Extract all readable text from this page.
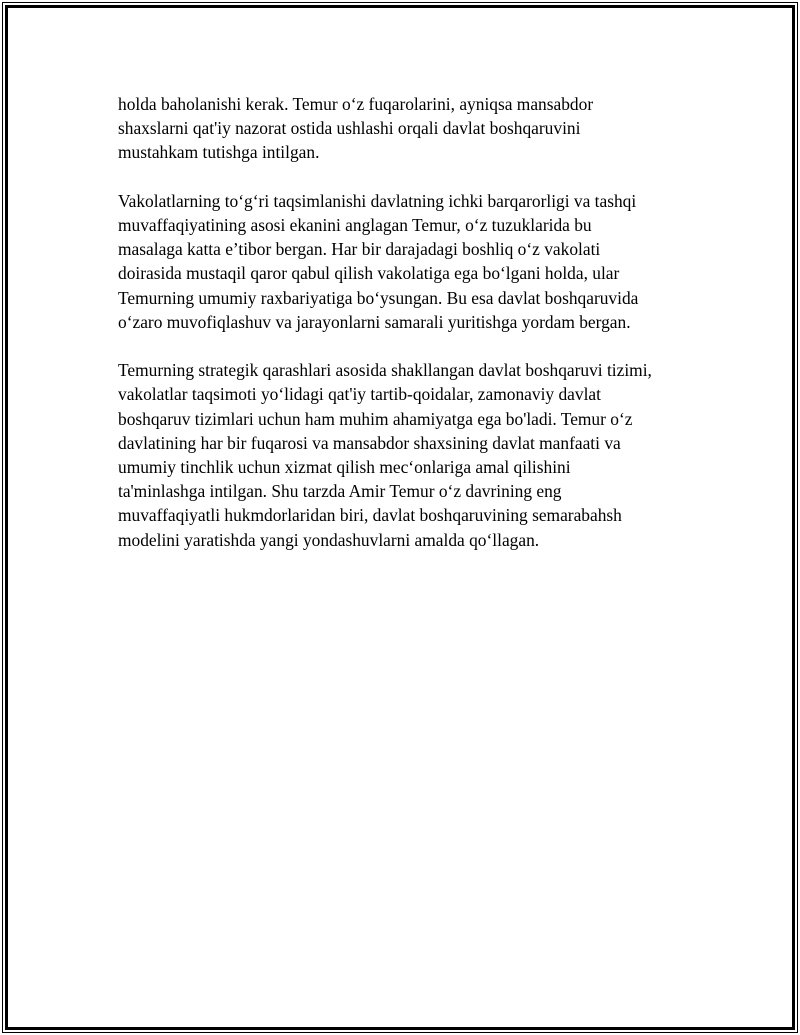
holda baholanishi kerak. Temur o‘z fuqarolarini, ayniqsa mansabdor
shaxslarni qat'iy nazorat ostida ushlashi orqali davlat boshqaruvini
mustahkam tutishga intilgan.

Vakolatlarning to‘g‘ri taqsimlanishi davlatning ichki barqarorligi va tashqi
muvaffaqiyatining asosi ekanini anglagan Temur, o‘z tuzuklarida bu
masalaga katta e’tibor bergan. Har bir darajadagi boshliq o‘z vakolati
doirasida mustaqil qaror qabul qilish vakolatiga ega bo‘lgani holda, ular
Temurning umumiy raxbariyatiga bo‘ysungan. Bu esa davlat boshqaruvida
o‘zaro muvofiqlashuv va jarayonlarni samarali yuritishga yordam bergan.

Temurning strategik qarashlari asosida shakllangan davlat boshqaruvi tizimi,
vakolatlar taqsimoti yo‘lidagi qat'iy tartib-qoidalar, zamonaviy davlat
boshqaruv tizimlari uchun ham muhim ahamiyatga ega bo'ladi. Temur o‘z
davlatining har bir fuqarosi va mansabdor shaxsining davlat manfaati va
umumiy tinchlik uchun xizmat qilish mec‘onlariga amal qilishini
ta'minlashga intilgan. Shu tarzda Amir Temur o‘z davrining eng
muvaffaqiyatli hukmdorlaridan biri, davlat boshqaruvining semarabahsh
modelini yaratishda yangi yondashuvlarni amalda qo‘llagan.
